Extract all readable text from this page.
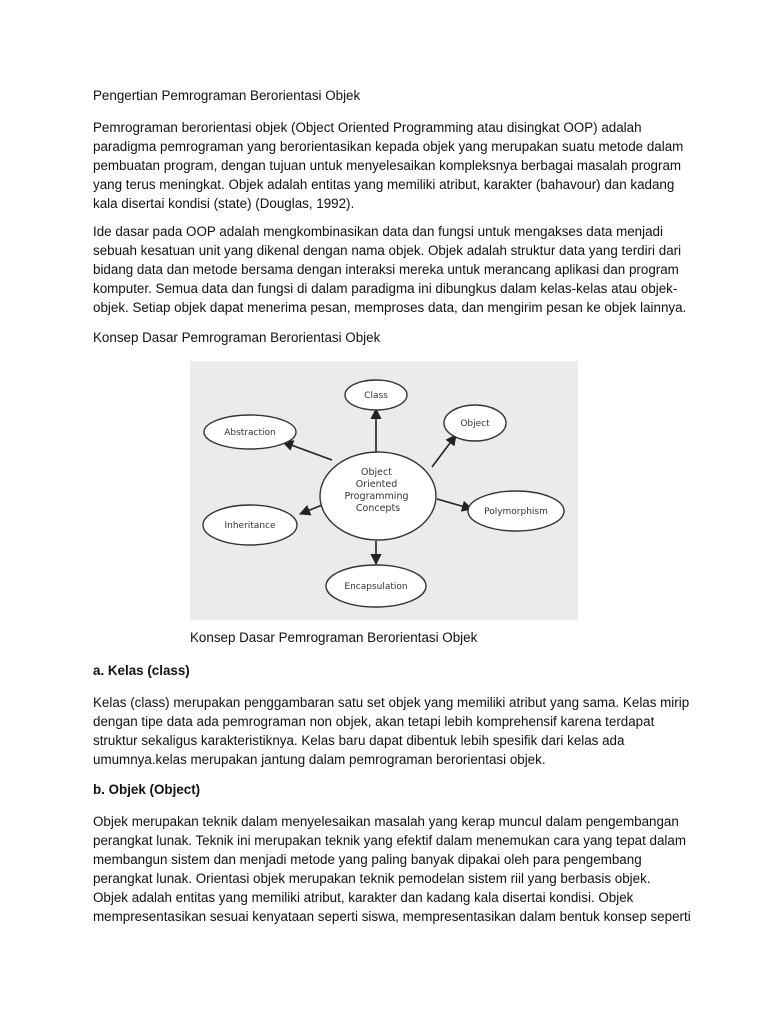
Pengertian Pemrograman Berorientasi Objek

Pemrograman berorientasi objek (Object Oriented Programming atau disingkat OOP) adalah
paradigma pemrograman yang berorientasikan kepada objek yang merupakan suatu metode dalam
pembuatan program, dengan tujuan untuk menyelesaikan kompleksnya berbagai masalah program
yang terus meningkat. Objek adalah entitas yang memiliki atribut, karakter (bahavour) dan kadang
kala disertai kondisi (state) (Douglas, 1992).

Ide dasar pada OOP adalah mengkombinasikan data dan fungsi untuk mengakses data menjadi
sebuah kesatuan unit yang dikenal dengan nama objek. Objek adalah struktur data yang terdiri dari
bidang data dan metode bersama dengan interaksi mereka untuk merancang aplikasi dan program
komputer. Semua data dan fungsi di dalam paradigma ini dibungkus dalam kelas-kelas atau objek-
objek. Setiap objek dapat menerima pesan, memproses data, dan mengirim pesan ke objek lainnya.

Konsep Dasar Pemrograman Berorientasi Objek
Object Oriented Programming Concepts
Class
Object
Abstraction
Polymorphism
Inheritance
Encapsulation

Konsep Dasar Pemrograman Berorientasi Objek

a. Kelas (class)

Kelas (class) merupakan penggambaran satu set objek yang memiliki atribut yang sama. Kelas mirip
dengan tipe data ada pemrograman non objek, akan tetapi lebih komprehensif karena terdapat
struktur sekaligus karakteristiknya. Kelas baru dapat dibentuk lebih spesifik dari kelas ada
umumnya.kelas merupakan jantung dalam pemrograman berorientasi objek.

b. Objek (Object)

Objek merupakan teknik dalam menyelesaikan masalah yang kerap muncul dalam pengembangan
perangkat lunak. Teknik ini merupakan teknik yang efektif dalam menemukan cara yang tepat dalam
membangun sistem dan menjadi metode yang paling banyak dipakai oleh para pengembang
perangkat lunak. Orientasi objek merupakan teknik pemodelan sistem riil yang berbasis objek.
Objek adalah entitas yang memiliki atribut, karakter dan kadang kala disertai kondisi. Objek
mempresentasikan sesuai kenyataan seperti siswa, mempresentasikan dalam bentuk konsep seperti
